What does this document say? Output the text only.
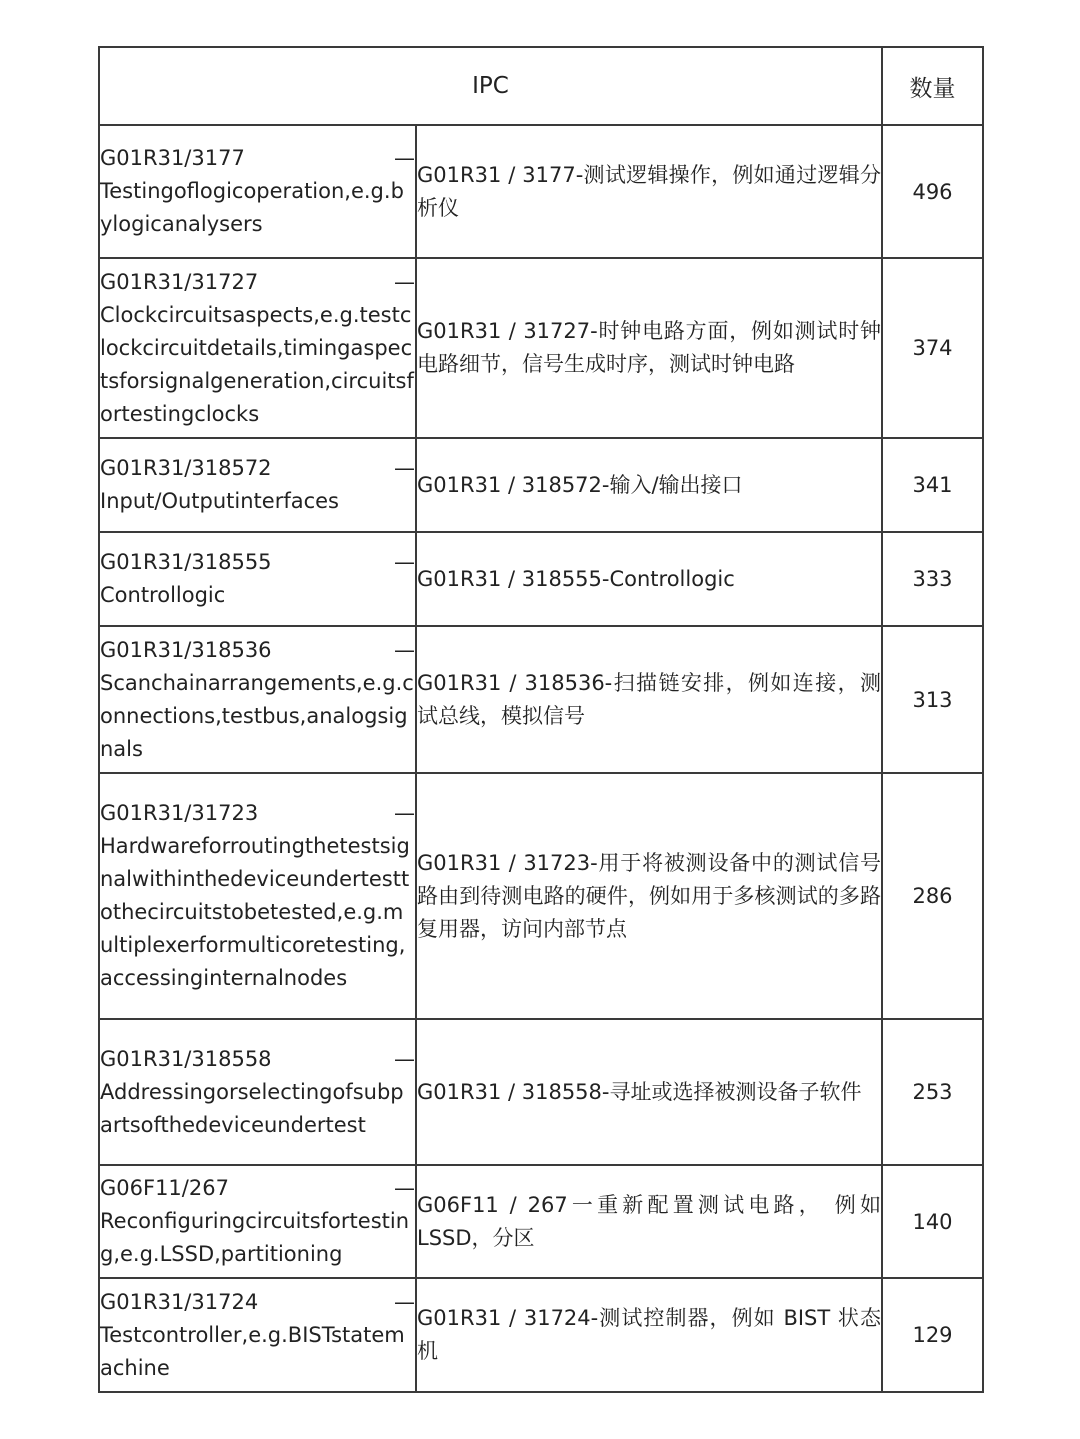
IPC		数量

G01R31/3177 —
Testingoflogicoperation,e.g.bylogicanalysers	G01R31 / 3177-测试逻辑操作，例如通过逻辑分析仪	496

G01R31/31727 —
Clockcircuitsaspects,e.g.testclockcircuitdetails,timingaspectsforsignalgeneration,circuitsfortestingclocks	G01R31 / 31727-时钟电路方面，例如测试时钟电路细节，信号生成时序，测试时钟电路	374

G01R31/318572 —
Input/Outputinterfaces	G01R31 / 318572-输入/输出接口	341

G01R31/318555 —
Controllogic	G01R31 / 318555-Controllogic	333

G01R31/318536 —
Scanchainarrangements,e.g.connections,testbus,analogsignals	G01R31 / 318536-扫描链安排，例如连接，测试总线，模拟信号	313

G01R31/31723 —
Hardwareforroutingthetestsignalwithinthedeviceundertesttothecircuitstobetested,e.g.multiplexerformulticoretesting,accessinginternalnodes	G01R31 / 31723-用于将被测设备中的测试信号路由到待测电路的硬件，例如用于多核测试的多路复用器，访问内部节点	286

G01R31/318558 —
Addressingorselectingofsubpartsofthedeviceundertest	G01R31 / 318558-寻址或选择被测设备子软件	253

G06F11/267 —
Reconfiguringcircuitsfortesting,e.g.LSSD,partitioning	G06F11 / 267一重新配置测试电路， 例如LSSD，分区	140

G01R31/31724 —
Testcontroller,e.g.BISTstatemachine	G01R31 / 31724-测试控制器，例如 BIST 状态机	129
